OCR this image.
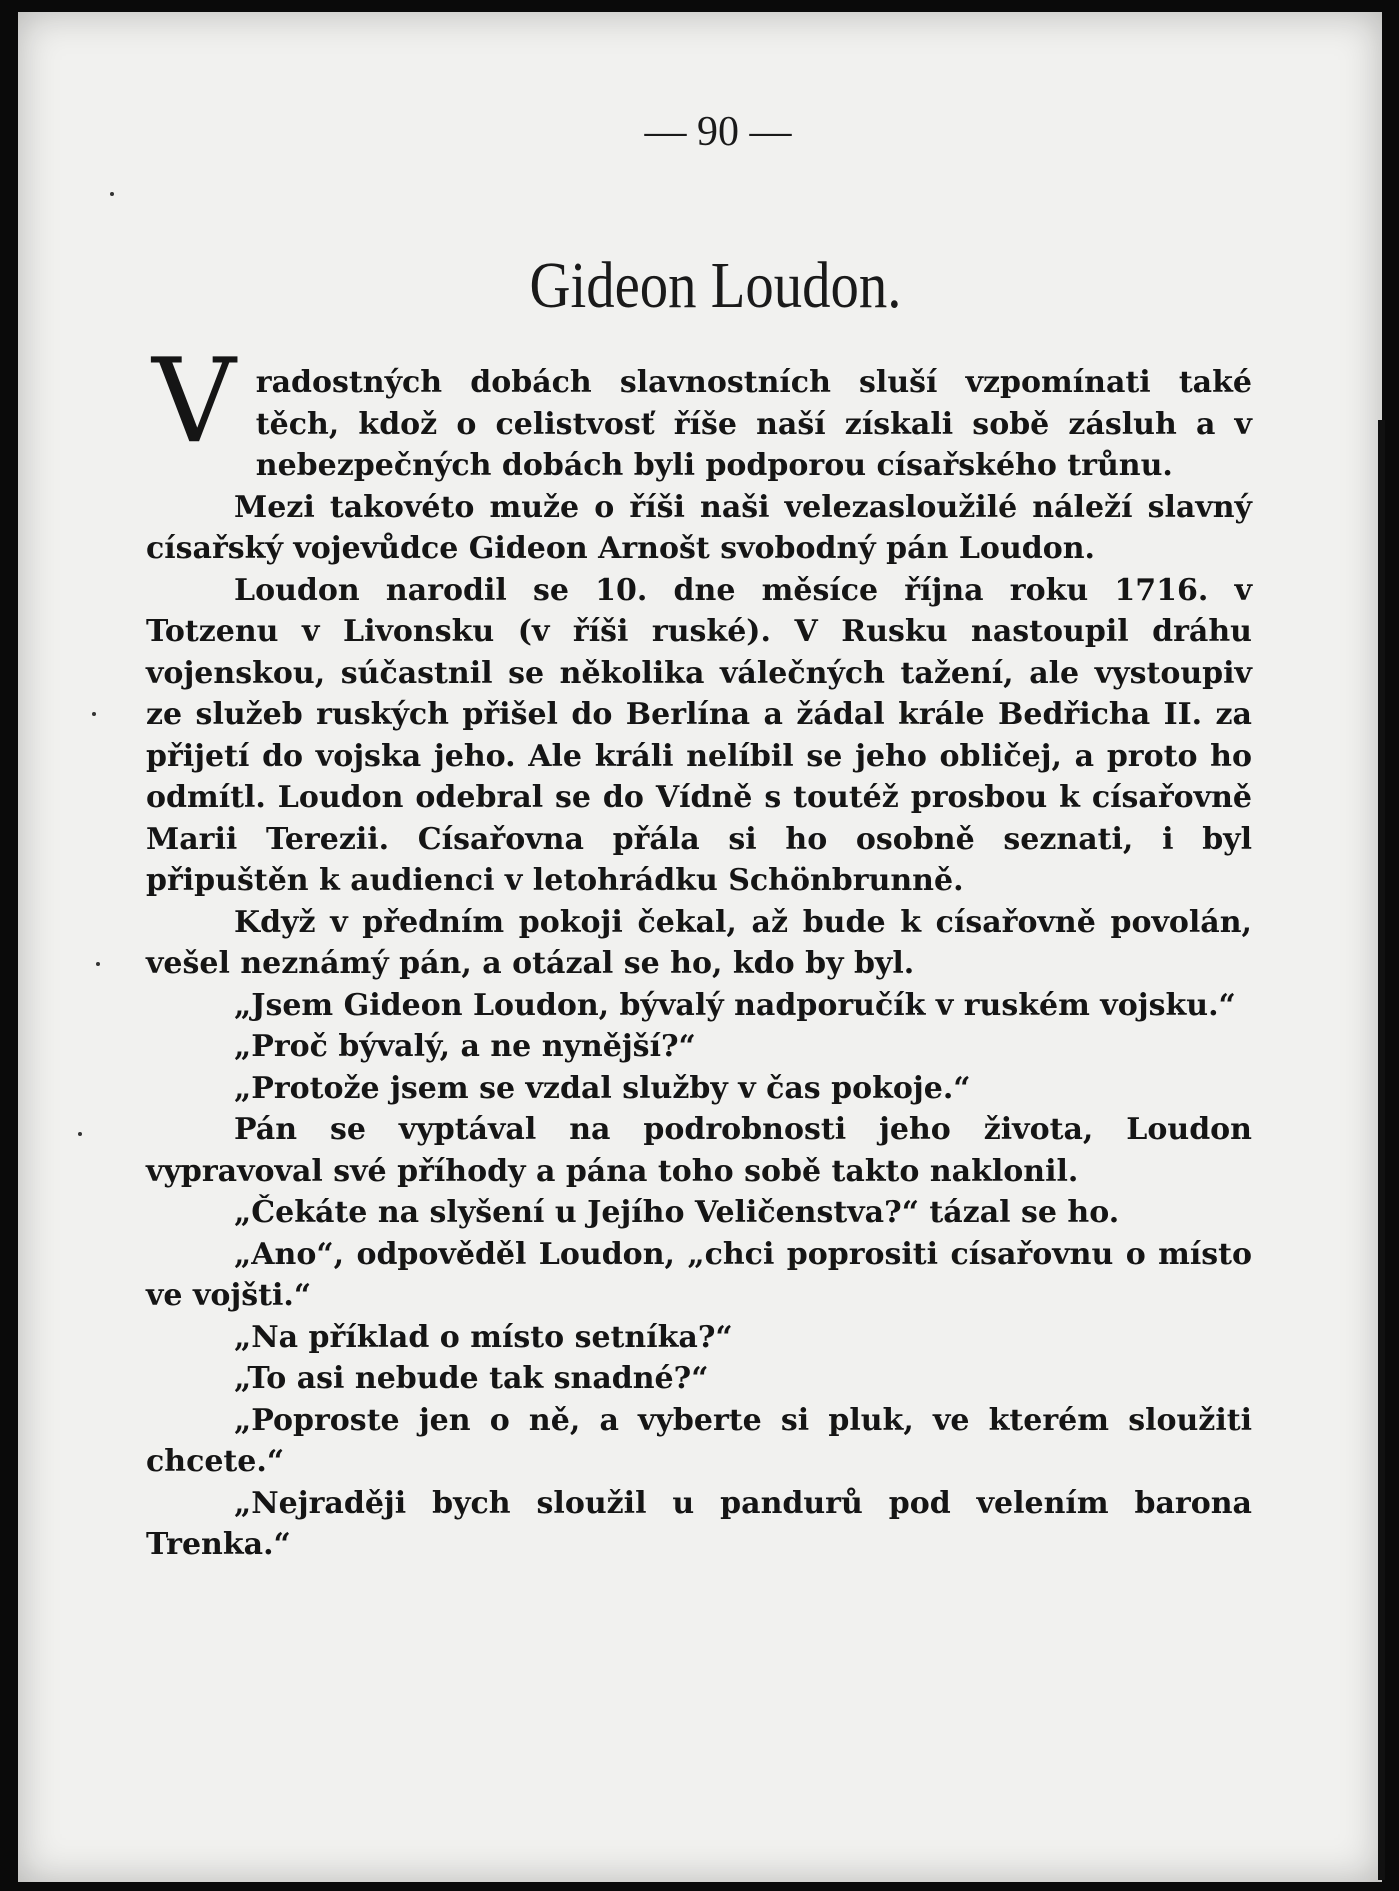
— 90 —
Gideon Loudon.

Vradostných dobách slavnostních sluší vzpomínati také těch, kdož o celistvosť říše naší získali sobě zásluh a v nebezpečných dobách byli podporou císařského trůnu.

Mezi takovéto muže o říši naši velezasloužilé náleží slavný císařský vojevůdce Gideon Arnošt svobodný pán Loudon.

Loudon narodil se 10. dne měsíce října roku 1716. v Totzenu v Livonsku (v říši ruské). V Rusku nastoupil dráhu vojenskou, súčastnil se několika válečných tažení, ale vystoupiv ze služeb ruských přišel do Berlína a žádal krále Bedřicha II. za přijetí do vojska jeho. Ale králi nelíbil se jeho obličej, a proto ho odmítl. Loudon odebral se do Vídně s toutéž prosbou k císařovně Marii Terezii. Císařovna přála si ho osobně seznati, i byl připuštěn k audienci v letohrádku Schönbrunně.

Když v předním pokoji čekal, až bude k císařovně povolán, vešel neznámý pán, a otázal se ho, kdo by byl.

„Jsem Gideon Loudon, bývalý nadporučík v ruském vojsku.“

„Proč bývalý, a ne nynější?“

„Protože jsem se vzdal služby v čas pokoje.“

Pán se vyptával na podrobnosti jeho života, Loudon vypravoval své příhody a pána toho sobě takto naklonil.

„Čekáte na slyšení u Jejího Veličenstva?“ tázal se ho.

„Ano“, odpověděl Loudon, „chci poprositi císařovnu o místo ve vojšti.“

„Na příklad o místo setníka?“

„To asi nebude tak snadné?“

„Poproste jen o ně, a vyberte si pluk, ve kterém sloužiti chcete.“

„Nejraději bych sloužil u pandurů pod velením barona Trenka.“
